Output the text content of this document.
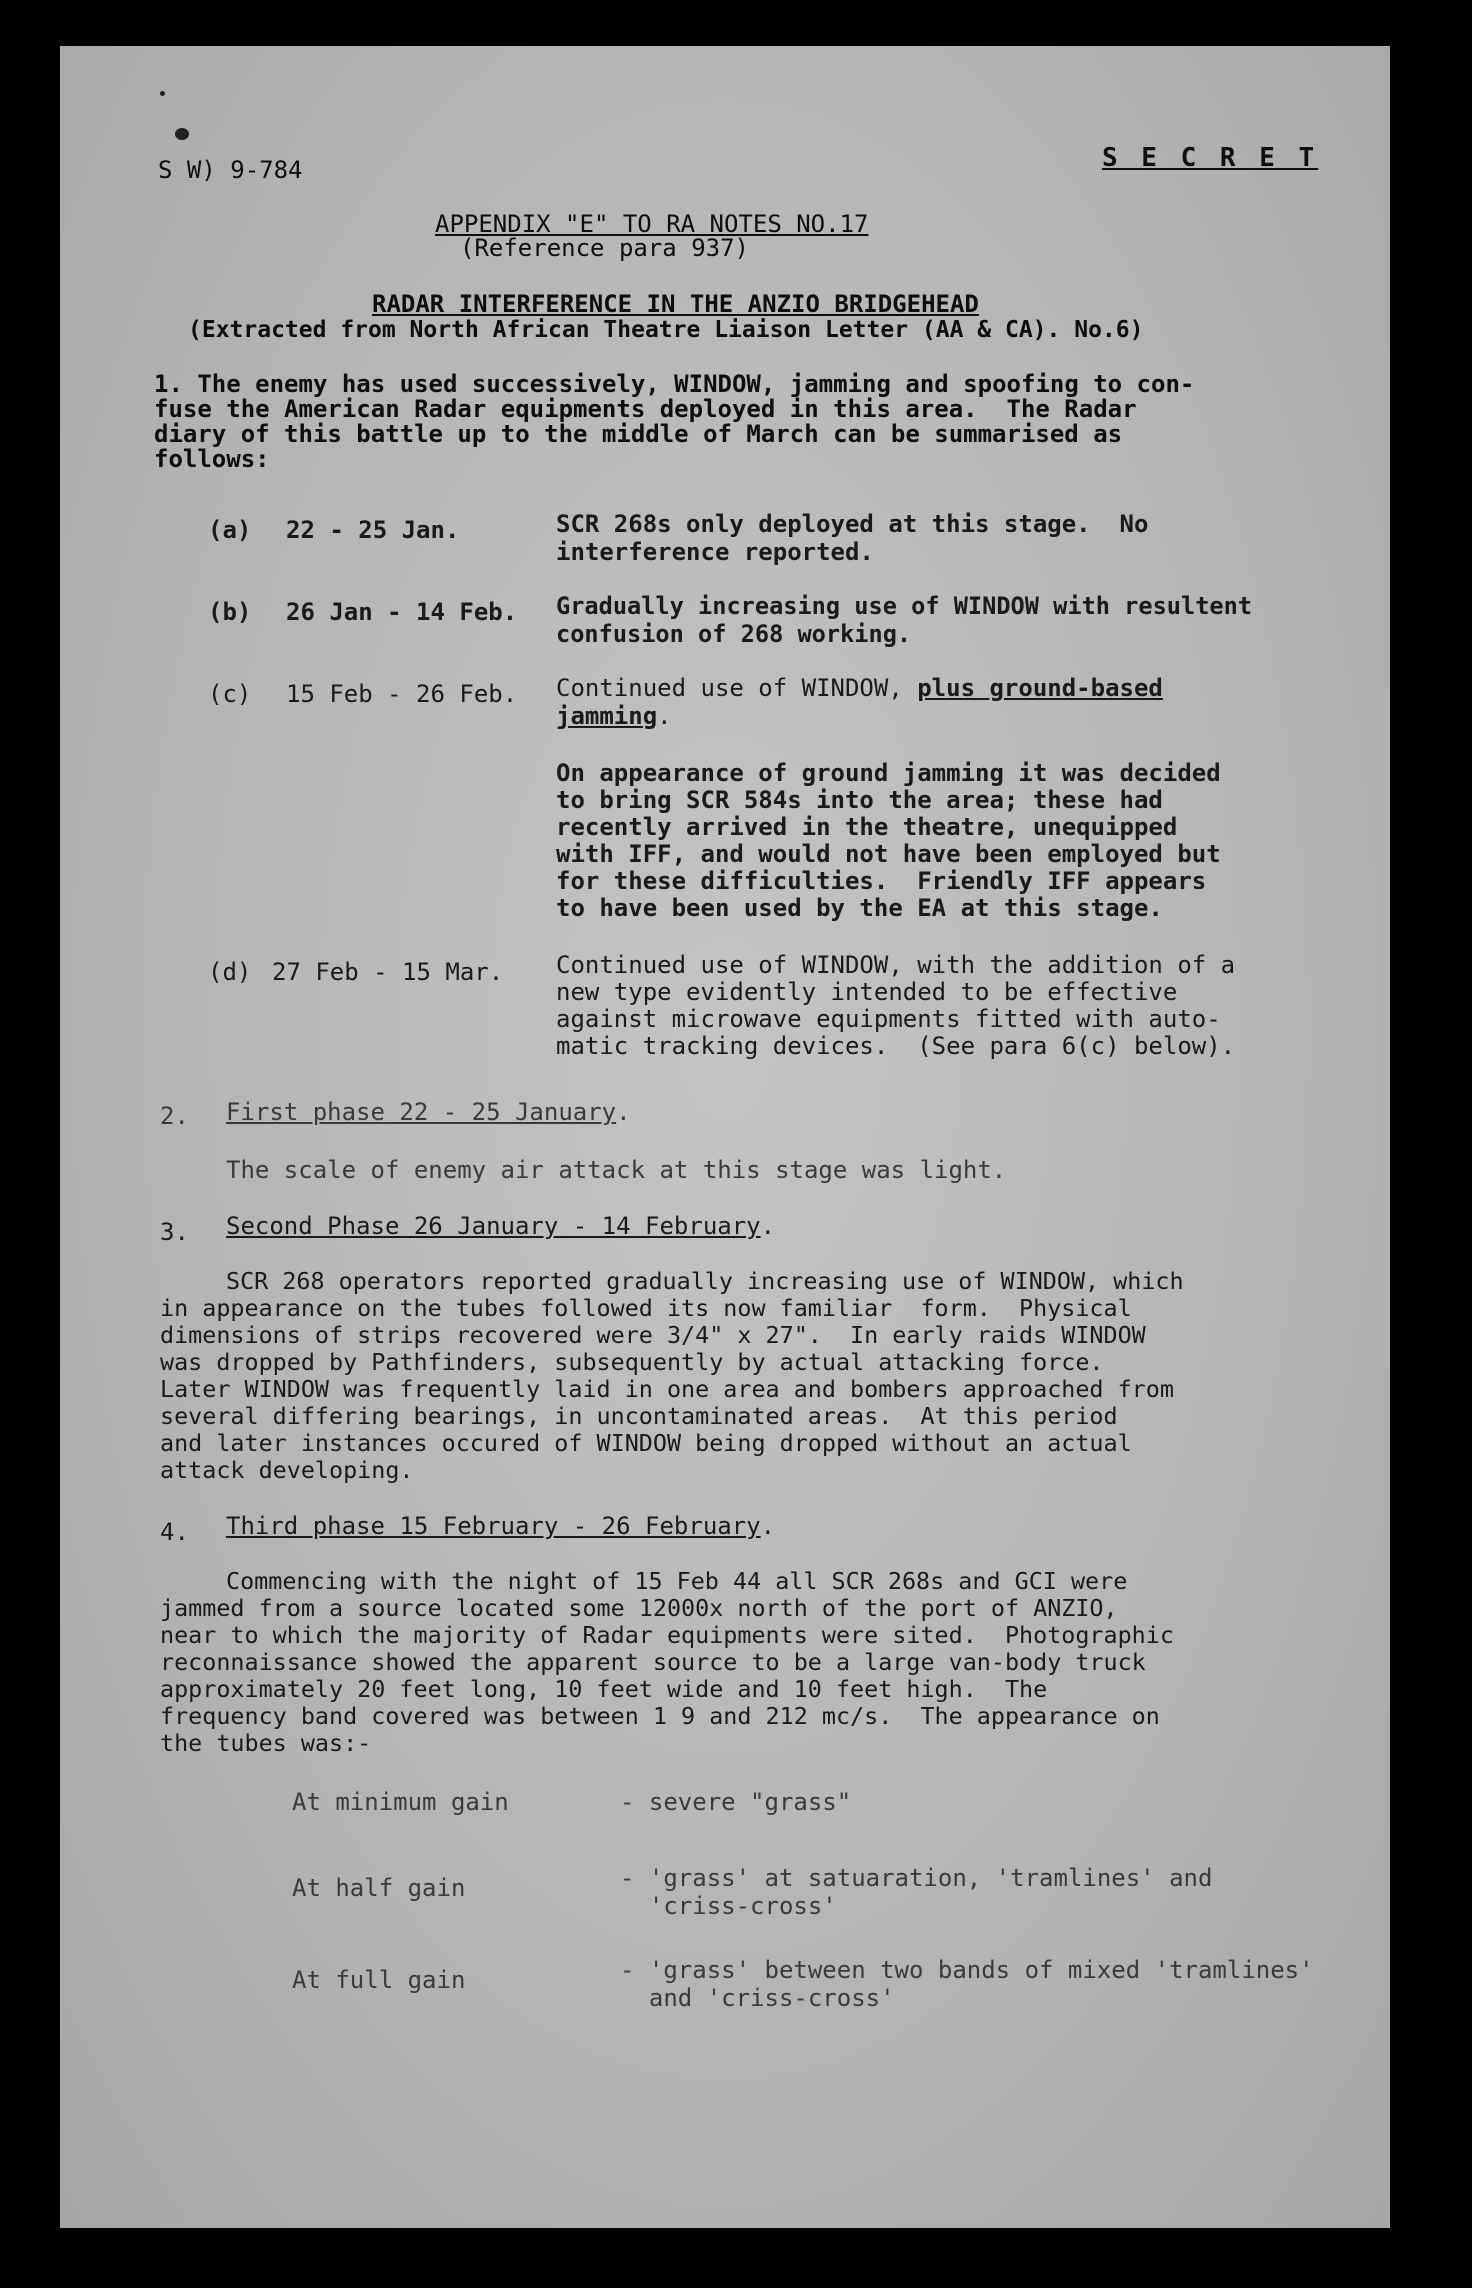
S W) 9-784	S E C R E T

APPENDIX "E" TO RA NOTES NO.17

(Reference para 937)

RADAR INTERFERENCE IN THE ANZIO BRIDGEHEAD

(Extracted from North African Theatre Liaison Letter (AA & CA). No.6)

1. The enemy has used successively, WINDOW, jamming and spoofing to con-
fuse the American Radar equipments deployed in this area.  The Radar
diary of this battle up to the middle of March can be summarised as
follows:

(a) 22 - 25 Jan.	SCR 268s only deployed at this stage.  No
interference reported.

(b) 26 Jan - 14 Feb. Gradually increasing use of WINDOW with resultent
confusion of 268 working.

(c) 15 Feb - 26 Feb. Continued use of WINDOW, plus ground-based
jamming.
On appearance of ground jamming it was decided
to bring SCR 584s into the area; these had
recently arrived in the theatre, unequipped
with IFF, and would not have been employed but
for these difficulties.  Friendly IFF appears
to have been used by the EA at this stage.

(d) 27 Feb - 15 Mar. Continued use of WINDOW, with the addition of a
new type evidently intended to be effective
against microwave equipments fitted with auto-
matic tracking devices.  (See para 6(c) below).

2. First phase 22 - 25 January.

The scale of enemy air attack at this stage was light.

3. Second Phase 26 January - 14 February.

SCR 268 operators reported gradually increasing use of WINDOW, which
in appearance on the tubes followed its now familiar  form.  Physical
dimensions of strips recovered were 3/4" x 27".  In early raids WINDOW
was dropped by Pathfinders, subsequently by actual attacking force.
Later WINDOW was frequently laid in one area and bombers approached from
several differing bearings, in uncontaminated areas.  At this period
and later instances occured of WINDOW being dropped without an actual
attack developing.

4. Third phase 15 February - 26 February.

Commencing with the night of 15 Feb 44 all SCR 268s and GCI were
jammed from a source located some 12000x north of the port of ANZIO,
near to which the majority of Radar equipments were sited.  Photographic
reconnaissance showed the apparent source to be a large van-body truck
approximately 20 feet long, 10 feet wide and 10 feet high.  The
frequency band covered was between 1 9 and 212 mc/s.  The appearance on
the tubes was:-

At minimum gain	- severe "grass"

At half gain	- 'grass' at satuaration, 'tramlines' and
'criss-cross'

At full gain	- 'grass' between two bands of mixed 'tramlines'
and 'criss-cross'
